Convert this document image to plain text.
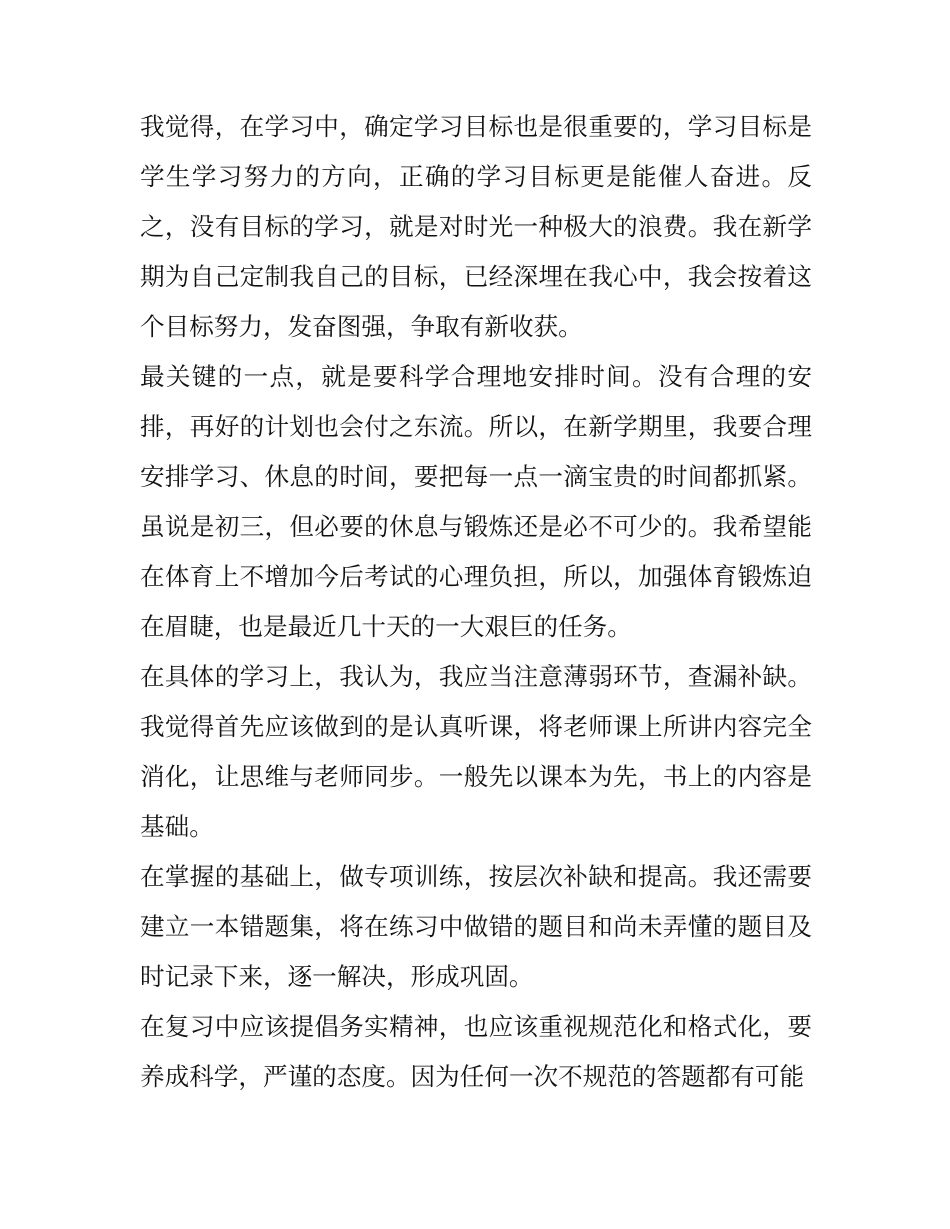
我觉得，在学习中，确定学习目标也是很重要的，学习目标是学生学习努力的方向，正确的学习目标更是能催人奋进。反之，没有目标的学习，就是对时光一种极大的浪费。我在新学期为自己定制我自己的目标，已经深埋在我心中，我会按着这个目标努力，发奋图强，争取有新收获。

最关键的一点，就是要科学合理地安排时间。没有合理的安排，再好的计划也会付之东流。所以，在新学期里，我要合理安排学习、休息的时间，要把每一点一滴宝贵的时间都抓紧。虽说是初三，但必要的休息与锻炼还是必不可少的。我希望能在体育上不增加今后考试的心理负担，所以，加强体育锻炼迫在眉睫，也是最近几十天的一大艰巨的任务。

在具体的学习上，我认为，我应当注意薄弱环节，查漏补缺。我觉得首先应该做到的是认真听课，将老师课上所讲内容完全消化，让思维与老师同步。一般先以课本为先，书上的内容是基础。

在掌握的基础上，做专项训练，按层次补缺和提高。我还需要建立一本错题集，将在练习中做错的题目和尚未弄懂的题目及时记录下来，逐一解决，形成巩固。

在复习中应该提倡务实精神，也应该重视规范化和格式化，要养成科学，严谨的态度。因为任何一次不规范的答题都有可能
